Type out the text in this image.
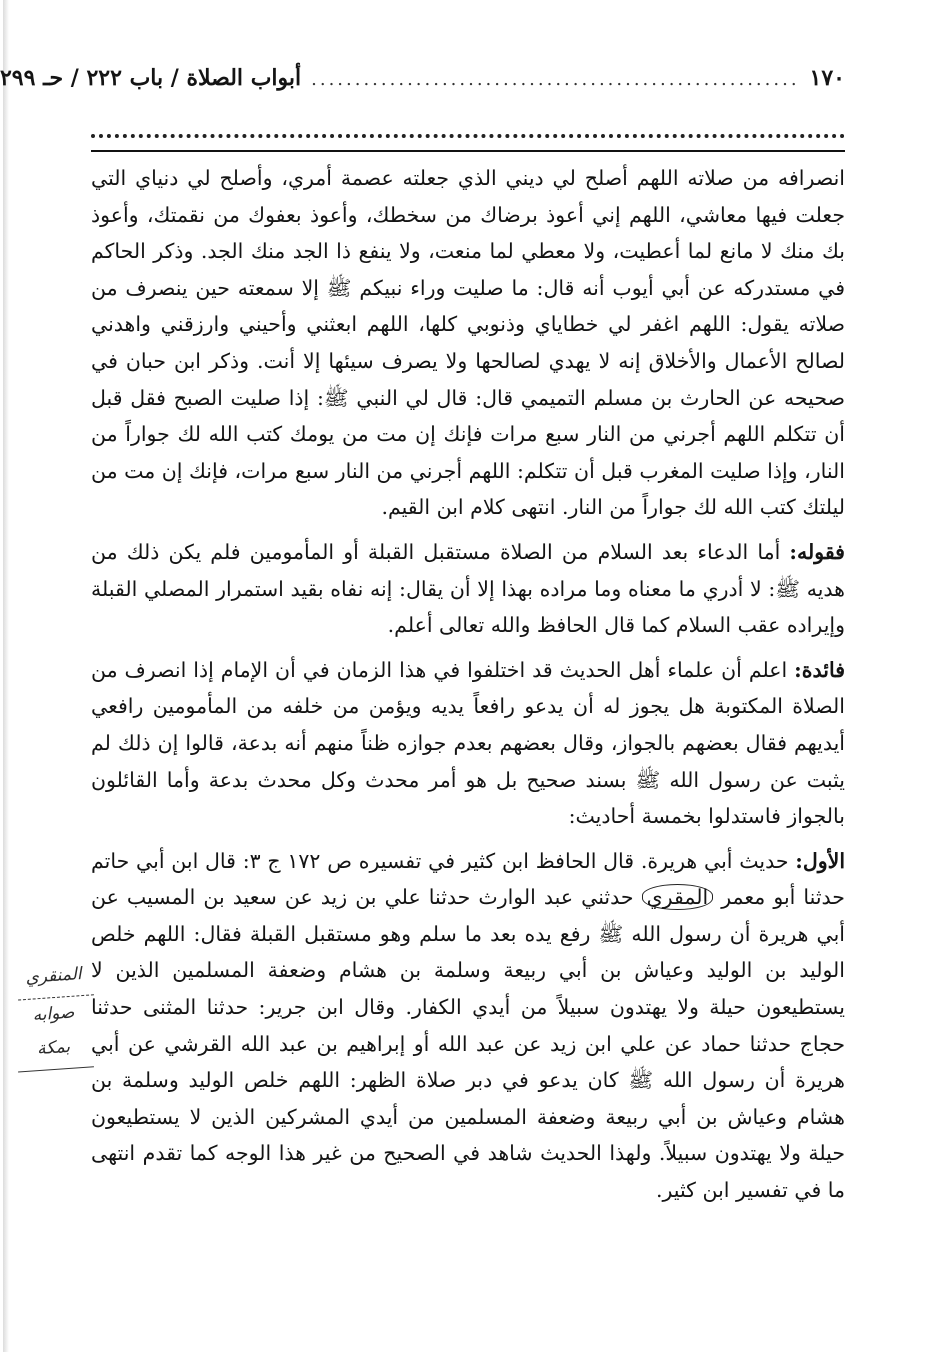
١٧٠
........................................................
أبواب الصلاة / باب ٢٢٢ / حـ ٢٩٩

انصرافه من صلاته اللهم أصلح لي ديني الذي جعلته عصمة أمري، وأصلح لي دنياي التي جعلت فيها معاشي، اللهم إني أعوذ برضاك من سخطك، وأعوذ بعفوك من نقمتك، وأعوذ بك منك لا مانع لما أعطيت، ولا معطي لما منعت، ولا ينفع ذا الجد منك الجد. وذكر الحاكم في مستدركه عن أبي أيوب أنه قال: ما صليت وراء نبيكم ﷺ إلا سمعته حين ينصرف من صلاته يقول: اللهم اغفر لي خطاياي وذنوبي كلها، اللهم ابعثني وأحيني وارزقني واهدني لصالح الأعمال والأخلاق إنه لا يهدي لصالحها ولا يصرف سيئها إلا أنت. وذكر ابن حبان في صحيحه عن الحارث بن مسلم التميمي قال: قال لي النبي ﷺ: إذا صليت الصبح فقل قبل أن تتكلم اللهم أجرني من النار سبع مرات فإنك إن مت من يومك كتب الله لك جواراً من النار، وإذا صليت المغرب قبل أن تتكلم: اللهم أجرني من النار سبع مرات، فإنك إن مت من ليلتك كتب الله لك جواراً من النار. انتهى كلام ابن القيم.

فقوله: أما الدعاء بعد السلام من الصلاة مستقبل القبلة أو المأمومين فلم يكن ذلك من هديه ﷺ: لا أدري ما معناه وما مراده بهذا إلا أن يقال: إنه نفاه بقيد استمرار المصلي القبلة وإيراده عقب السلام كما قال الحافظ والله تعالى أعلم.

فائدة: اعلم أن علماء أهل الحديث قد اختلفوا في هذا الزمان في أن الإمام إذا انصرف من الصلاة المكتوبة هل يجوز له أن يدعو رافعاً يديه ويؤمن من خلفه من المأمومين رافعي أيديهم فقال بعضهم بالجواز، وقال بعضهم بعدم جوازه ظناً منهم أنه بدعة، قالوا إن ذلك لم يثبت عن رسول الله ﷺ بسند صحيح بل هو أمر محدث وكل محدث بدعة وأما القائلون بالجواز فاستدلوا بخمسة أحاديث:

الأول: حديث أبي هريرة. قال الحافظ ابن كثير في تفسيره ص ١٧٢ ج ٣: قال ابن أبي حاتم حدثنا أبو معمر المقري حدثني عبد الوارث حدثنا علي بن زيد عن سعيد بن المسيب عن أبي هريرة أن رسول الله ﷺ رفع يده بعد ما سلم وهو مستقبل القبلة فقال: اللهم خلص الوليد بن الوليد وعياش بن أبي ربيعة وسلمة بن هشام وضعفة المسلمين الذين لا يستطيعون حيلة ولا يهتدون سبيلاً من أيدي الكفار. وقال ابن جرير: حدثنا المثنى حدثنا حجاج حدثنا حماد عن علي ابن زيد عن عبد الله أو إبراهيم بن عبد الله القرشي عن أبي هريرة أن رسول الله ﷺ كان يدعو في دبر صلاة الظهر: اللهم خلص الوليد وسلمة بن هشام وعياش بن أبي ربيعة وضعفة المسلمين من أيدي المشركين الذين لا يستطيعون حيلة ولا يهتدون سبيلاً. ولهذا الحديث شاهد في الصحيح من غير هذا الوجه كما تقدم انتهى ما في تفسير ابن كثير.

المنقري
صوابه
بمكة
